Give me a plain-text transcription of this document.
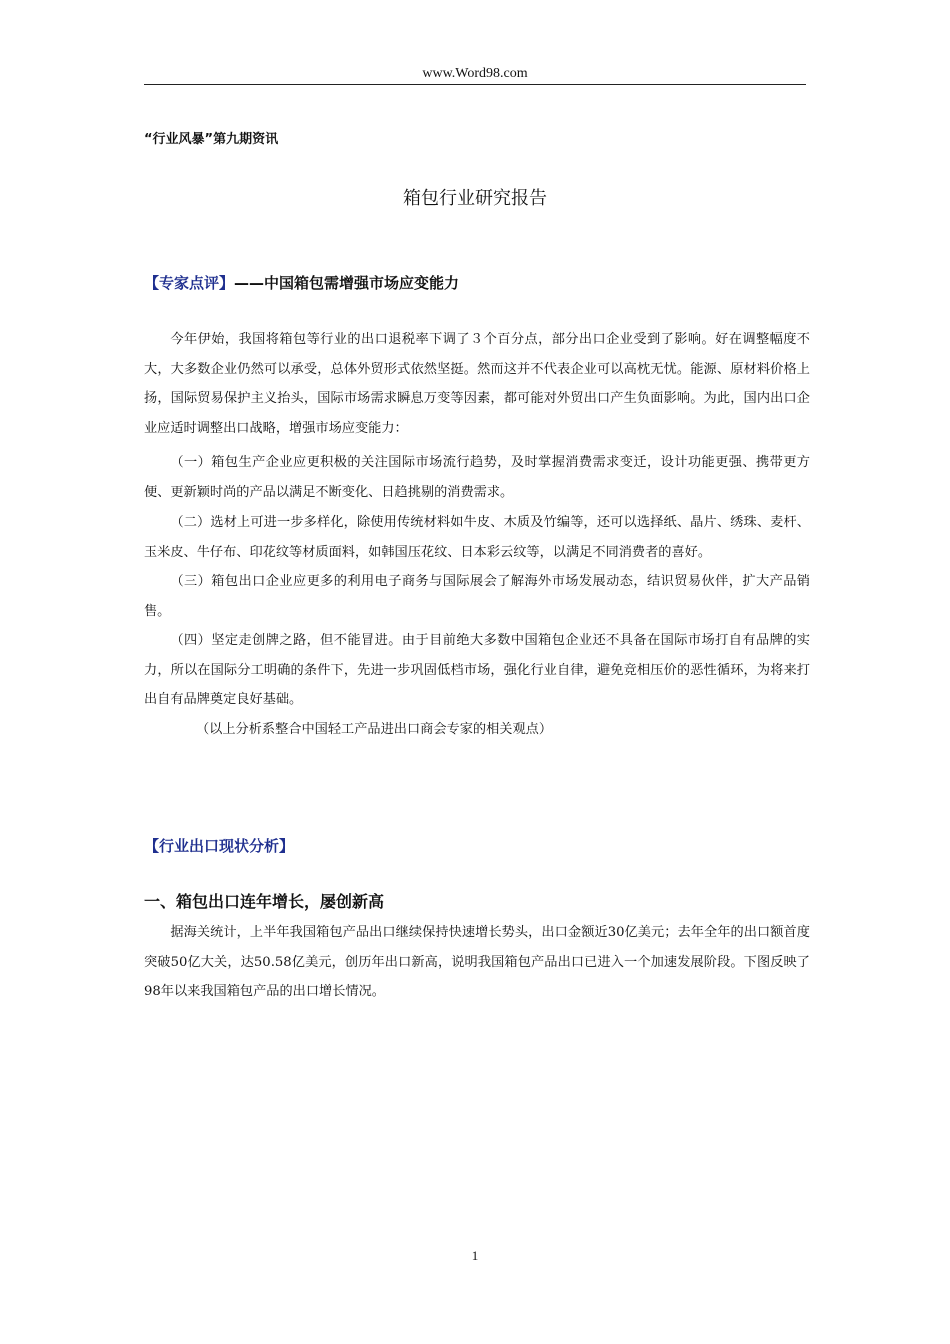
www.Word98.com
“行业风暴”第九期资讯
箱包行业研究报告
【专家点评】——中国箱包需增强市场应变能力

今年伊始，我国将箱包等行业的出口退税率下调了３个百分点，部分出口企业受到了影响。好在调整幅度不大，大多数企业仍然可以承受，总体外贸形式依然坚挺。然而这并不代表企业可以高枕无忧。能源、原材料价格上扬，国际贸易保护主义抬头，国际市场需求瞬息万变等因素，都可能对外贸出口产生负面影响。为此，国内出口企业应适时调整出口战略，增强市场应变能力：

（一）箱包生产企业应更积极的关注国际市场流行趋势，及时掌握消费需求变迁，设计功能更强、携带更方便、更新颖时尚的产品以满足不断变化、日趋挑剔的消费需求。

（二）选材上可进一步多样化，除使用传统材料如牛皮、木质及竹编等，还可以选择纸、晶片、绣珠、麦杆、玉米皮、牛仔布、印花纹等材质面料，如韩国压花纹、日本彩云纹等，以满足不同消费者的喜好。

（三）箱包出口企业应更多的利用电子商务与国际展会了解海外市场发展动态，结识贸易伙伴，扩大产品销售。

（四）坚定走创牌之路，但不能冒进。由于目前绝大多数中国箱包企业还不具备在国际市场打自有品牌的实力，所以在国际分工明确的条件下，先进一步巩固低档市场，强化行业自律，避免竞相压价的恶性循环，为将来打出自有品牌奠定良好基础。

（以上分析系整合中国轻工产品进出口商会专家的相关观点）
【行业出口现状分析】
一、箱包出口连年增长，屡创新高

据海关统计，上半年我国箱包产品出口继续保持快速增长势头，出口金额近30亿美元；去年全年的出口额首度突破50亿大关，达50.58亿美元，创历年出口新高，说明我国箱包产品出口已进入一个加速发展阶段。下图反映了98年以来我国箱包产品的出口增长情况。

1
